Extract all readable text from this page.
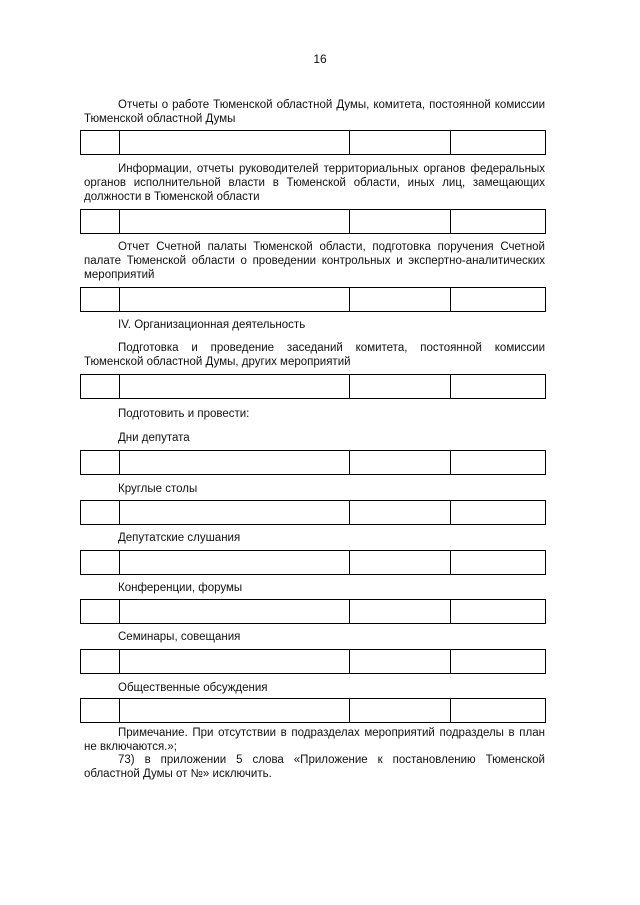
16
Отчеты о работе Тюменской областной Думы, комитета, постоянной комиссии Тюменской областной Думы
Информации, отчеты руководителей территориальных органов федеральных органов исполнительной власти в Тюменской области, иных лиц, замещающих должности в Тюменской области
Отчет Счетной палаты Тюменской области, подготовка поручения Счетной палате Тюменской области о проведении контрольных и экспертно-аналитических мероприятий
IV. Организационная деятельность
Подготовка и проведение заседаний комитета, постоянной комиссии Тюменской областной Думы, других мероприятий
Подготовить и провести:
Дни депутата
Круглые столы
Депутатские слушания
Конференции, форумы
Семинары, совещания
Общественные обсуждения
Примечание. При отсутствии в подразделах мероприятий подразделы в план не включаются.»;
73) в приложении 5 слова «Приложение к постановлению Тюменской областной Думы от №» исключить.
